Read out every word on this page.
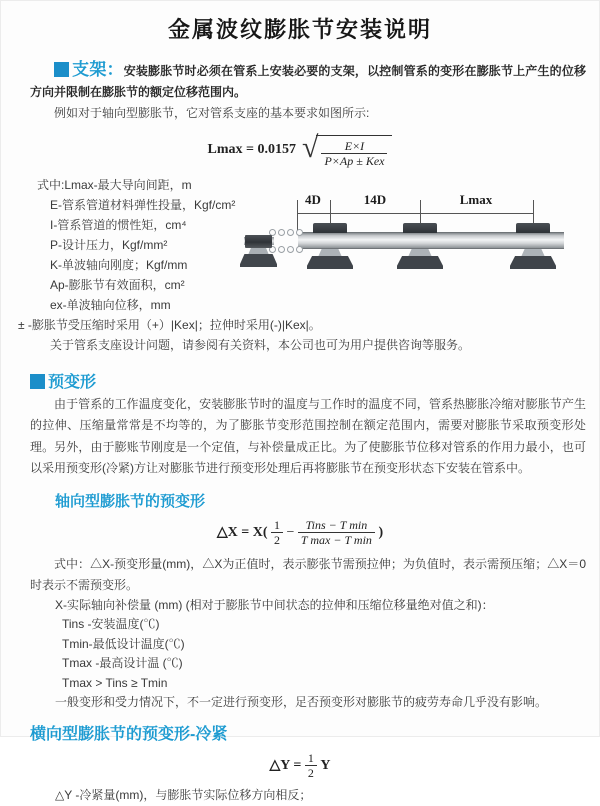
金属波纹膨胀节安装说明

支架：安装膨胀节时必须在管系上安装必要的支架，以控制管系的变形在膨胀节上产生的位移方向并限制在膨胀节的额定位移范围内。

例如对于轴向型膨胀节，它对管系支座的基本要求如图所示:

Lmax = 0.0157 √ $\frac{E\times I}{\text{P×Ap ± Kex}}$
式中:Lmax-最大导向间距，m
E-管系管道材料弹性投量，Kgf/cm²
I-管系管道的惯性矩，cm⁴
P-设计压力，Kgf/mm²
K-单波轴向刚度；Kgf/mm
Ap-膨胀节有效面积，cm²
ex-单波轴向位移，mm
± -膨胀节受压缩时采用（+）|Kex|；拉伸时采用(-)|Kex|。
关于管系支座设计问题，请参阅有关资料，本公司也可为用户提供咨询等服务。
4D	14D	Lmax
预变形

由于管系的工作温度变化，安装膨胀节时的温度与工作时的温度不同，管系热膨胀冷缩对膨胀节产生的拉伸、压缩量常常是不均等的，为了膨胀节变形范围控制在额定范围内，需要对膨胀节采取预变形处理。另外，由于膨账节刚度是一个定值，与补偿量成正比。为了使膨胀节位移对管系的作用力最小，也可以采用预变形(冷紧)方让对膨胀节进行预变形处理后再将膨胀节在预变形状态下安装在管系中。

轴向型膨胀节的预变形
△X = $X( \frac{1}{2} - \frac{\text{Tins − T min}}{\text{T max − T min}}$ )

式中：△X-预变形量(mm)，△X为正值时，表示膨张节需预拉伸；为负值时，表示需预压缩；△X＝0时表示不需预变形。

X-实际轴向补偿量 (mm) (相对于膨胀节中间状态的拉伸和压缩位移量绝对值之和)：
Tins -安装温度(℃)
Tmin-最低设计温度(℃)
Tmax -最高设计温 (℃)
Tmax > Tins ≥ Tmin
一般变形和受力情况下，不一定进行预变形，足否预变形对膨胀节的疲劳寿命几乎没有影响。
横向型膨胀节的预变形-冷紧
△Y = $\frac{1}{2}$ Y
△Y -冷紧量(mm)，与膨胀节实际位移方向相反；
